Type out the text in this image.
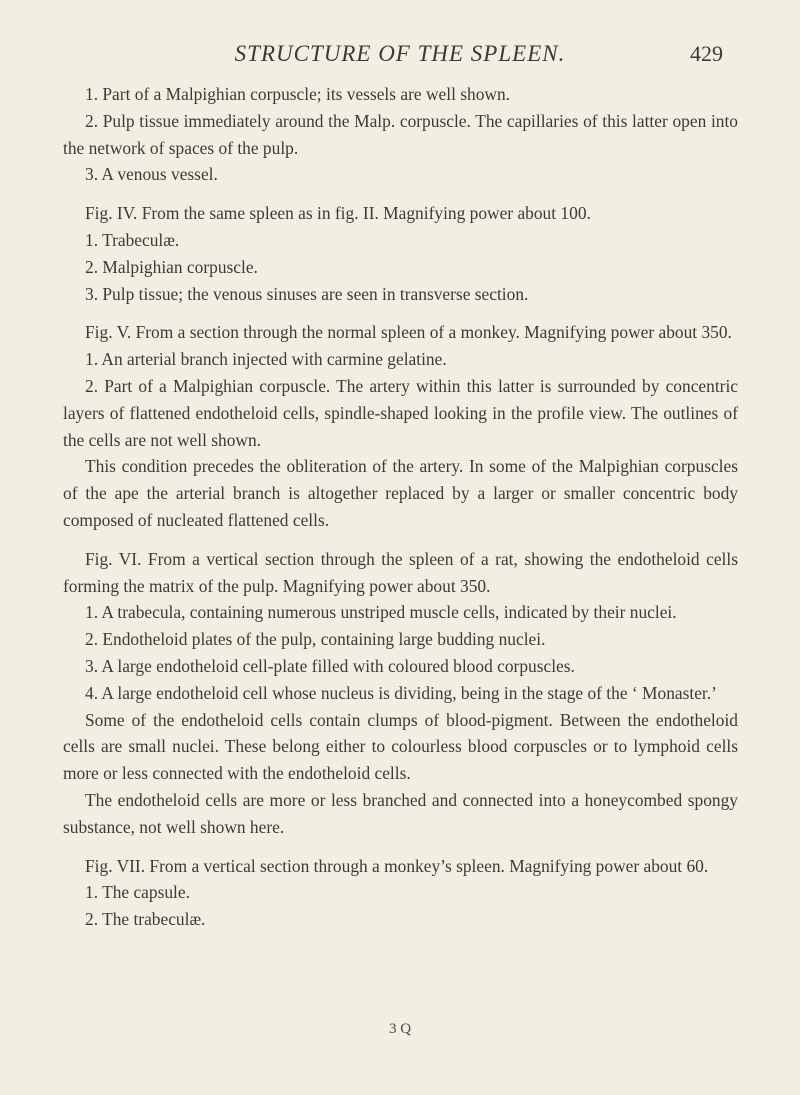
STRUCTURE OF THE SPLEEN.	429

1. Part of a Malpighian corpuscle; its vessels are well shown.

2. Pulp tissue immediately around the Malp. corpuscle. The capillaries of this latter open into the network of spaces of the pulp.

3. A venous vessel.

Fig. IV. From the same spleen as in fig. II. Magnifying power about 100.

1. Trabeculæ.

2. Malpighian corpuscle.

3. Pulp tissue; the venous sinuses are seen in transverse section.

Fig. V. From a section through the normal spleen of a monkey. Magnifying power about 350.

1. An arterial branch injected with carmine gelatine.

2. Part of a Malpighian corpuscle. The artery within this latter is surrounded by concentric layers of flattened endotheloid cells, spindle-shaped looking in the profile view. The outlines of the cells are not well shown.

This condition precedes the obliteration of the artery. In some of the Malpighian corpuscles of the ape the arterial branch is altogether replaced by a larger or smaller concentric body composed of nucleated flattened cells.

Fig. VI. From a vertical section through the spleen of a rat, showing the endotheloid cells forming the matrix of the pulp. Magnifying power about 350.

1. A trabecula, containing numerous unstriped muscle cells, indicated by their nuclei.

2. Endotheloid plates of the pulp, containing large budding nuclei.

3. A large endotheloid cell-plate filled with coloured blood corpuscles.

4. A large endotheloid cell whose nucleus is dividing, being in the stage of the ‘ Monaster.’

Some of the endotheloid cells contain clumps of blood-pigment. Between the endotheloid cells are small nuclei. These belong either to colourless blood corpuscles or to lymphoid cells more or less connected with the endotheloid cells.

The endotheloid cells are more or less branched and connected into a honeycombed spongy substance, not well shown here.

Fig. VII. From a vertical section through a monkey’s spleen. Magnifying power about 60.

1. The capsule.

2. The trabeculæ.

3 Q
